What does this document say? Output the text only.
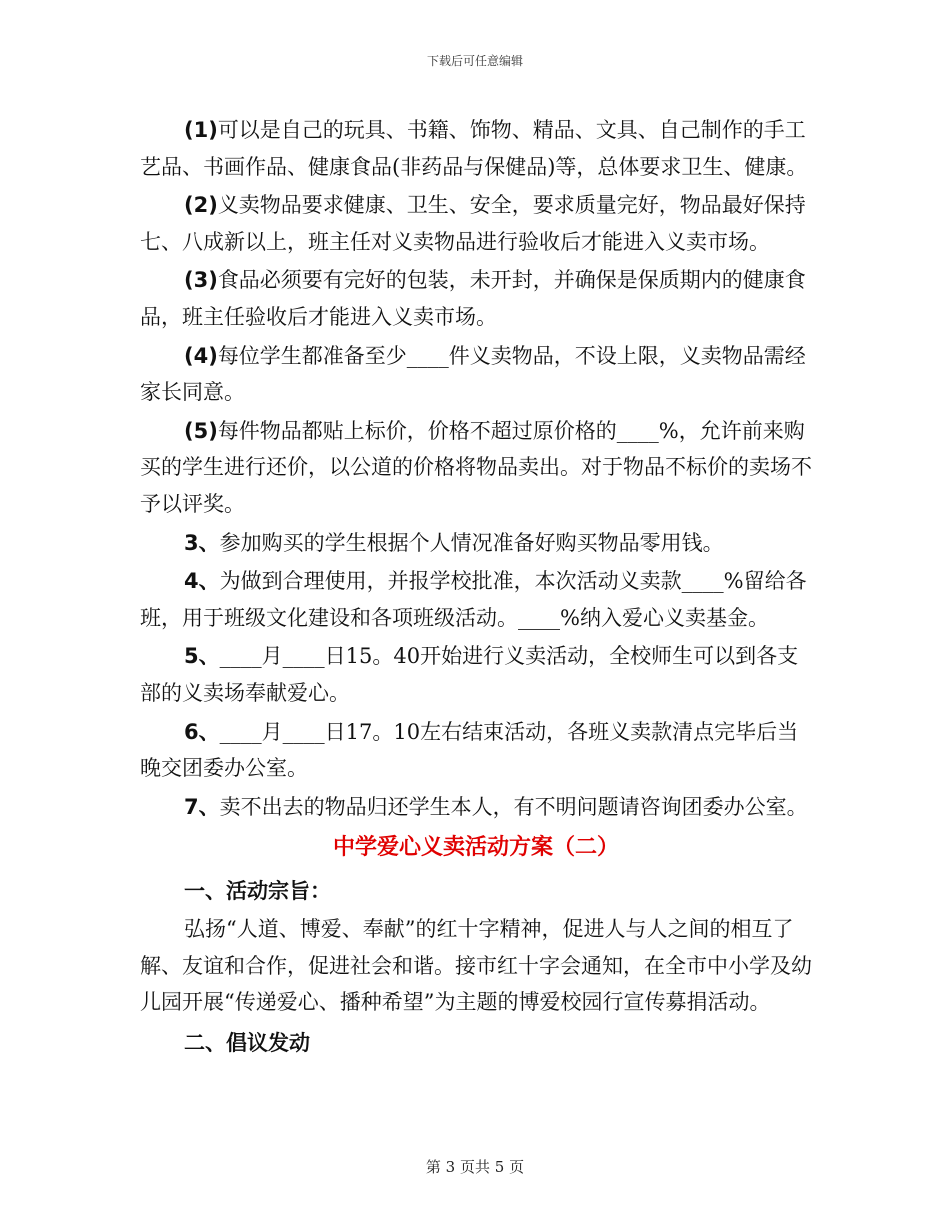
下载后可任意编辑

(1)可以是自己的玩具、书籍、饰物、精品、文具、自己制作的手工艺品、书画作品、健康食品(非药品与保健品)等，总体要求卫生、健康。

(2)义卖物品要求健康、卫生、安全，要求质量完好，物品最好保持七、八成新以上，班主任对义卖物品进行验收后才能进入义卖市场。

(3)食品必须要有完好的包装，未开封，并确保是保质期内的健康食品，班主任验收后才能进入义卖市场。

(4)每位学生都准备至少____件义卖物品，不设上限，义卖物品需经家长同意。

(5)每件物品都贴上标价，价格不超过原价格的____%，允许前来购买的学生进行还价，以公道的价格将物品卖出。对于物品不标价的卖场不予以评奖。

3、参加购买的学生根据个人情况准备好购买物品零用钱。

4、为做到合理使用，并报学校批准，本次活动义卖款____%留给各班，用于班级文化建设和各项班级活动。____%纳入爱心义卖基金。

5、____月____日15。40开始进行义卖活动，全校师生可以到各支部的义卖场奉献爱心。

6、____月____日17。10左右结束活动，各班义卖款清点完毕后当晚交团委办公室。

7、卖不出去的物品归还学生本人，有不明问题请咨询团委办公室。

中学爱心义卖活动方案（二）

一、活动宗旨：

弘扬“人道、博爱、奉献”的红十字精神，促进人与人之间的相互了解、友谊和合作，促进社会和谐。接市红十字会通知，在全市中小学及幼儿园开展“传递爱心、播种希望”为主题的博爱校园行宣传募捐活动。

二、倡议发动

第 3 页共 5 页
